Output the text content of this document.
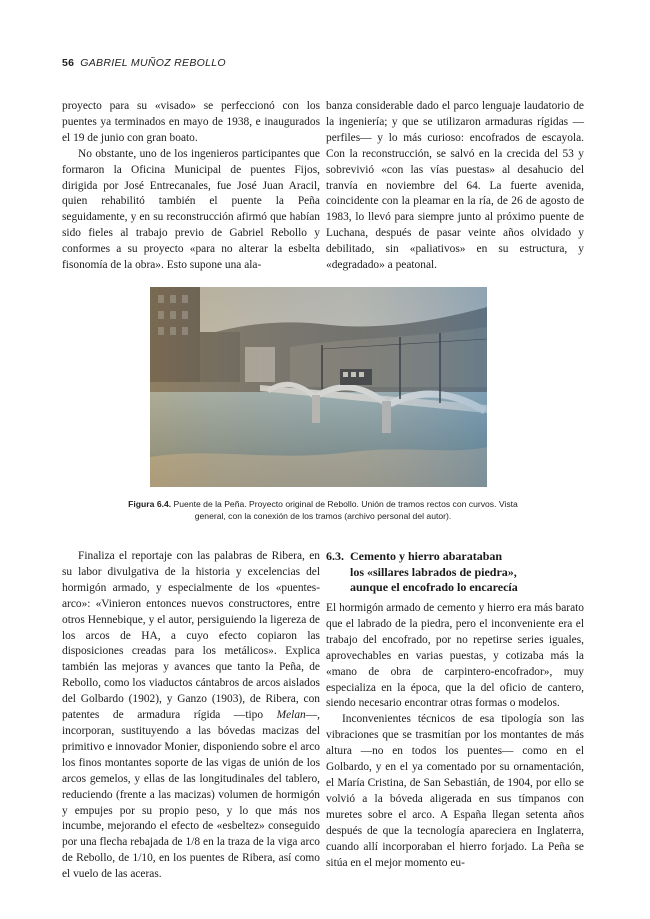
56 GABRIEL MUÑOZ REBOLLO

proyecto para su «visado» se perfeccionó con los puentes ya terminados en mayo de 1938, e inaugurados el 19 de junio con gran boato.

No obstante, uno de los ingenieros participantes que formaron la Oficina Municipal de puentes Fijos, dirigida por José Entrecanales, fue José Juan Aracil, quien rehabilitó también el puente la Peña seguidamente, y en su reconstrucción afirmó que habían sido fieles al trabajo previo de Gabriel Rebollo y conformes a su proyecto «para no alterar la esbelta fisonomía de la obra». Esto supone una ala-

banza considerable dado el parco lenguaje laudatorio de la ingeniería; y que se utilizaron armaduras rígidas —perfiles— y lo más curioso: encofrados de escayola. Con la reconstrucción, se salvó en la crecida del 53 y sobrevivió «con las vías puestas» al desahucio del tranvía en noviembre del 64. La fuerte avenida, coincidente con la pleamar en la ría, de 26 de agosto de 1983, lo llevó para siempre junto al próximo puente de Luchana, después de pasar veinte años olvidado y debilitado, sin «paliativos» en su estructura, y «degradado» a peatonal.

Figura 6.4. Puente de la Peña. Proyecto original de Rebollo. Unión de tramos rectos con curvos. Vista general, con la conexión de los tramos (archivo personal del autor).

Finaliza el reportaje con las palabras de Ribera, en su labor divulgativa de la historia y excelencias del hormigón armado, y especialmente de los «puentes-arco»: «Vinieron entonces nuevos constructores, entre otros Hennebique, y el autor, persiguiendo la ligereza de los arcos de HA, a cuyo efecto copiaron las disposiciones creadas para los metálicos». Explica también las mejoras y avances que tanto la Peña, de Rebollo, como los viaductos cántabros de arcos aislados del Golbardo (1902), y Ganzo (1903), de Ribera, con patentes de armadura rígida —tipo Melan—, incorporan, sustituyendo a las bóvedas macizas del primitivo e innovador Monier, disponiendo sobre el arco los finos montantes soporte de las vigas de unión de los arcos gemelos, y ellas de las longitudinales del tablero, reduciendo (frente a las macizas) volumen de hormigón y empujes por su propio peso, y lo que más nos incumbe, mejorando el efecto de «esbeltez» conseguido por una flecha rebajada de 1/8 en la traza de la viga arco de Rebollo, de 1/10, en los puentes de Ribera, así como el vuelo de las aceras.

6.3. Cemento y hierro abarataban
los «sillares labrados de piedra»,
aunque el encofrado lo encarecía

El hormigón armado de cemento y hierro era más barato que el labrado de la piedra, pero el inconveniente era el trabajo del encofrado, por no repetirse series iguales, aprovechables en varias puestas, y cotizaba más la «mano de obra de carpintero-encofrador», muy especializa en la época, que la del oficio de cantero, siendo necesario encontrar otras formas o modelos.

Inconvenientes técnicos de esa tipología son las vibraciones que se trasmitían por los montantes de más altura —no en todos los puentes— como en el Golbardo, y en el ya comentado por su ornamentación, el María Cristina, de San Sebastián, de 1904, por ello se volvió a la bóveda aligerada en sus tímpanos con muretes sobre el arco. A España llegan setenta años después de que la tecnología apareciera en Inglaterra, cuando allí incorporaban el hierro forjado. La Peña se sitúa en el mejor momento eu-
